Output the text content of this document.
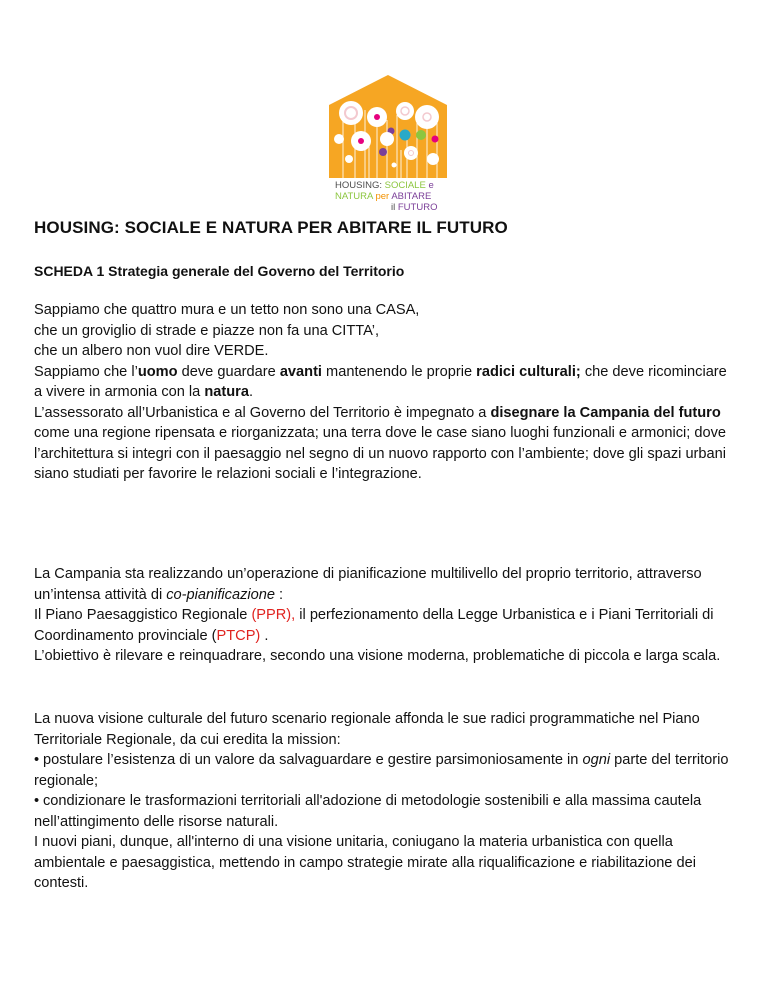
HOUSING: SOCIALE e
NATURA per ABITARE
il FUTURO
HOUSING: SOCIALE E NATURA PER ABITARE IL FUTURO
SCHEDA 1 Strategia generale del Governo del Territorio

Sappiamo che quattro mura e un tetto non sono una CASA,

che un groviglio di strade e piazze non fa una CITTA’,

che un albero non vuol dire VERDE.

Sappiamo che l’uomo deve guardare avanti mantenendo le proprie radici culturali; che deve ricominciare a vivere in armonia con la natura.

L’assessorato all’Urbanistica e al Governo del Territorio è impegnato a disegnare la Campania del futuro come una regione ripensata e riorganizzata; una terra dove le case siano luoghi funzionali e armonici; dove l’architettura si integri con il paesaggio nel segno di un nuovo rapporto con l’ambiente; dove gli spazi urbani siano studiati per favorire le relazioni sociali e l’integrazione.

La Campania sta realizzando un’operazione di pianificazione multilivello del proprio territorio, attraverso un’intensa attività di co-pianificazione :

Il Piano Paesaggistico Regionale (PPR), il perfezionamento della Legge Urbanistica e i Piani Territoriali di Coordinamento provinciale (PTCP) .

L’obiettivo è rilevare e reinquadrare, secondo una visione moderna, problematiche di piccola e larga scala.

La nuova visione culturale del futuro scenario regionale affonda le sue radici programmatiche nel Piano Territoriale Regionale, da cui eredita la mission:

• postulare l’esistenza di un valore da salvaguardare e gestire parsimoniosamente in ogni parte del territorio regionale;

• condizionare le trasformazioni territoriali all'adozione di metodologie sostenibili e alla massima cautela nell’attingimento delle risorse naturali.

I nuovi piani, dunque, all'interno di una visione unitaria, coniugano la materia urbanistica con quella ambientale e paesaggistica, mettendo in campo strategie mirate alla riqualificazione e riabilitazione dei contesti.
